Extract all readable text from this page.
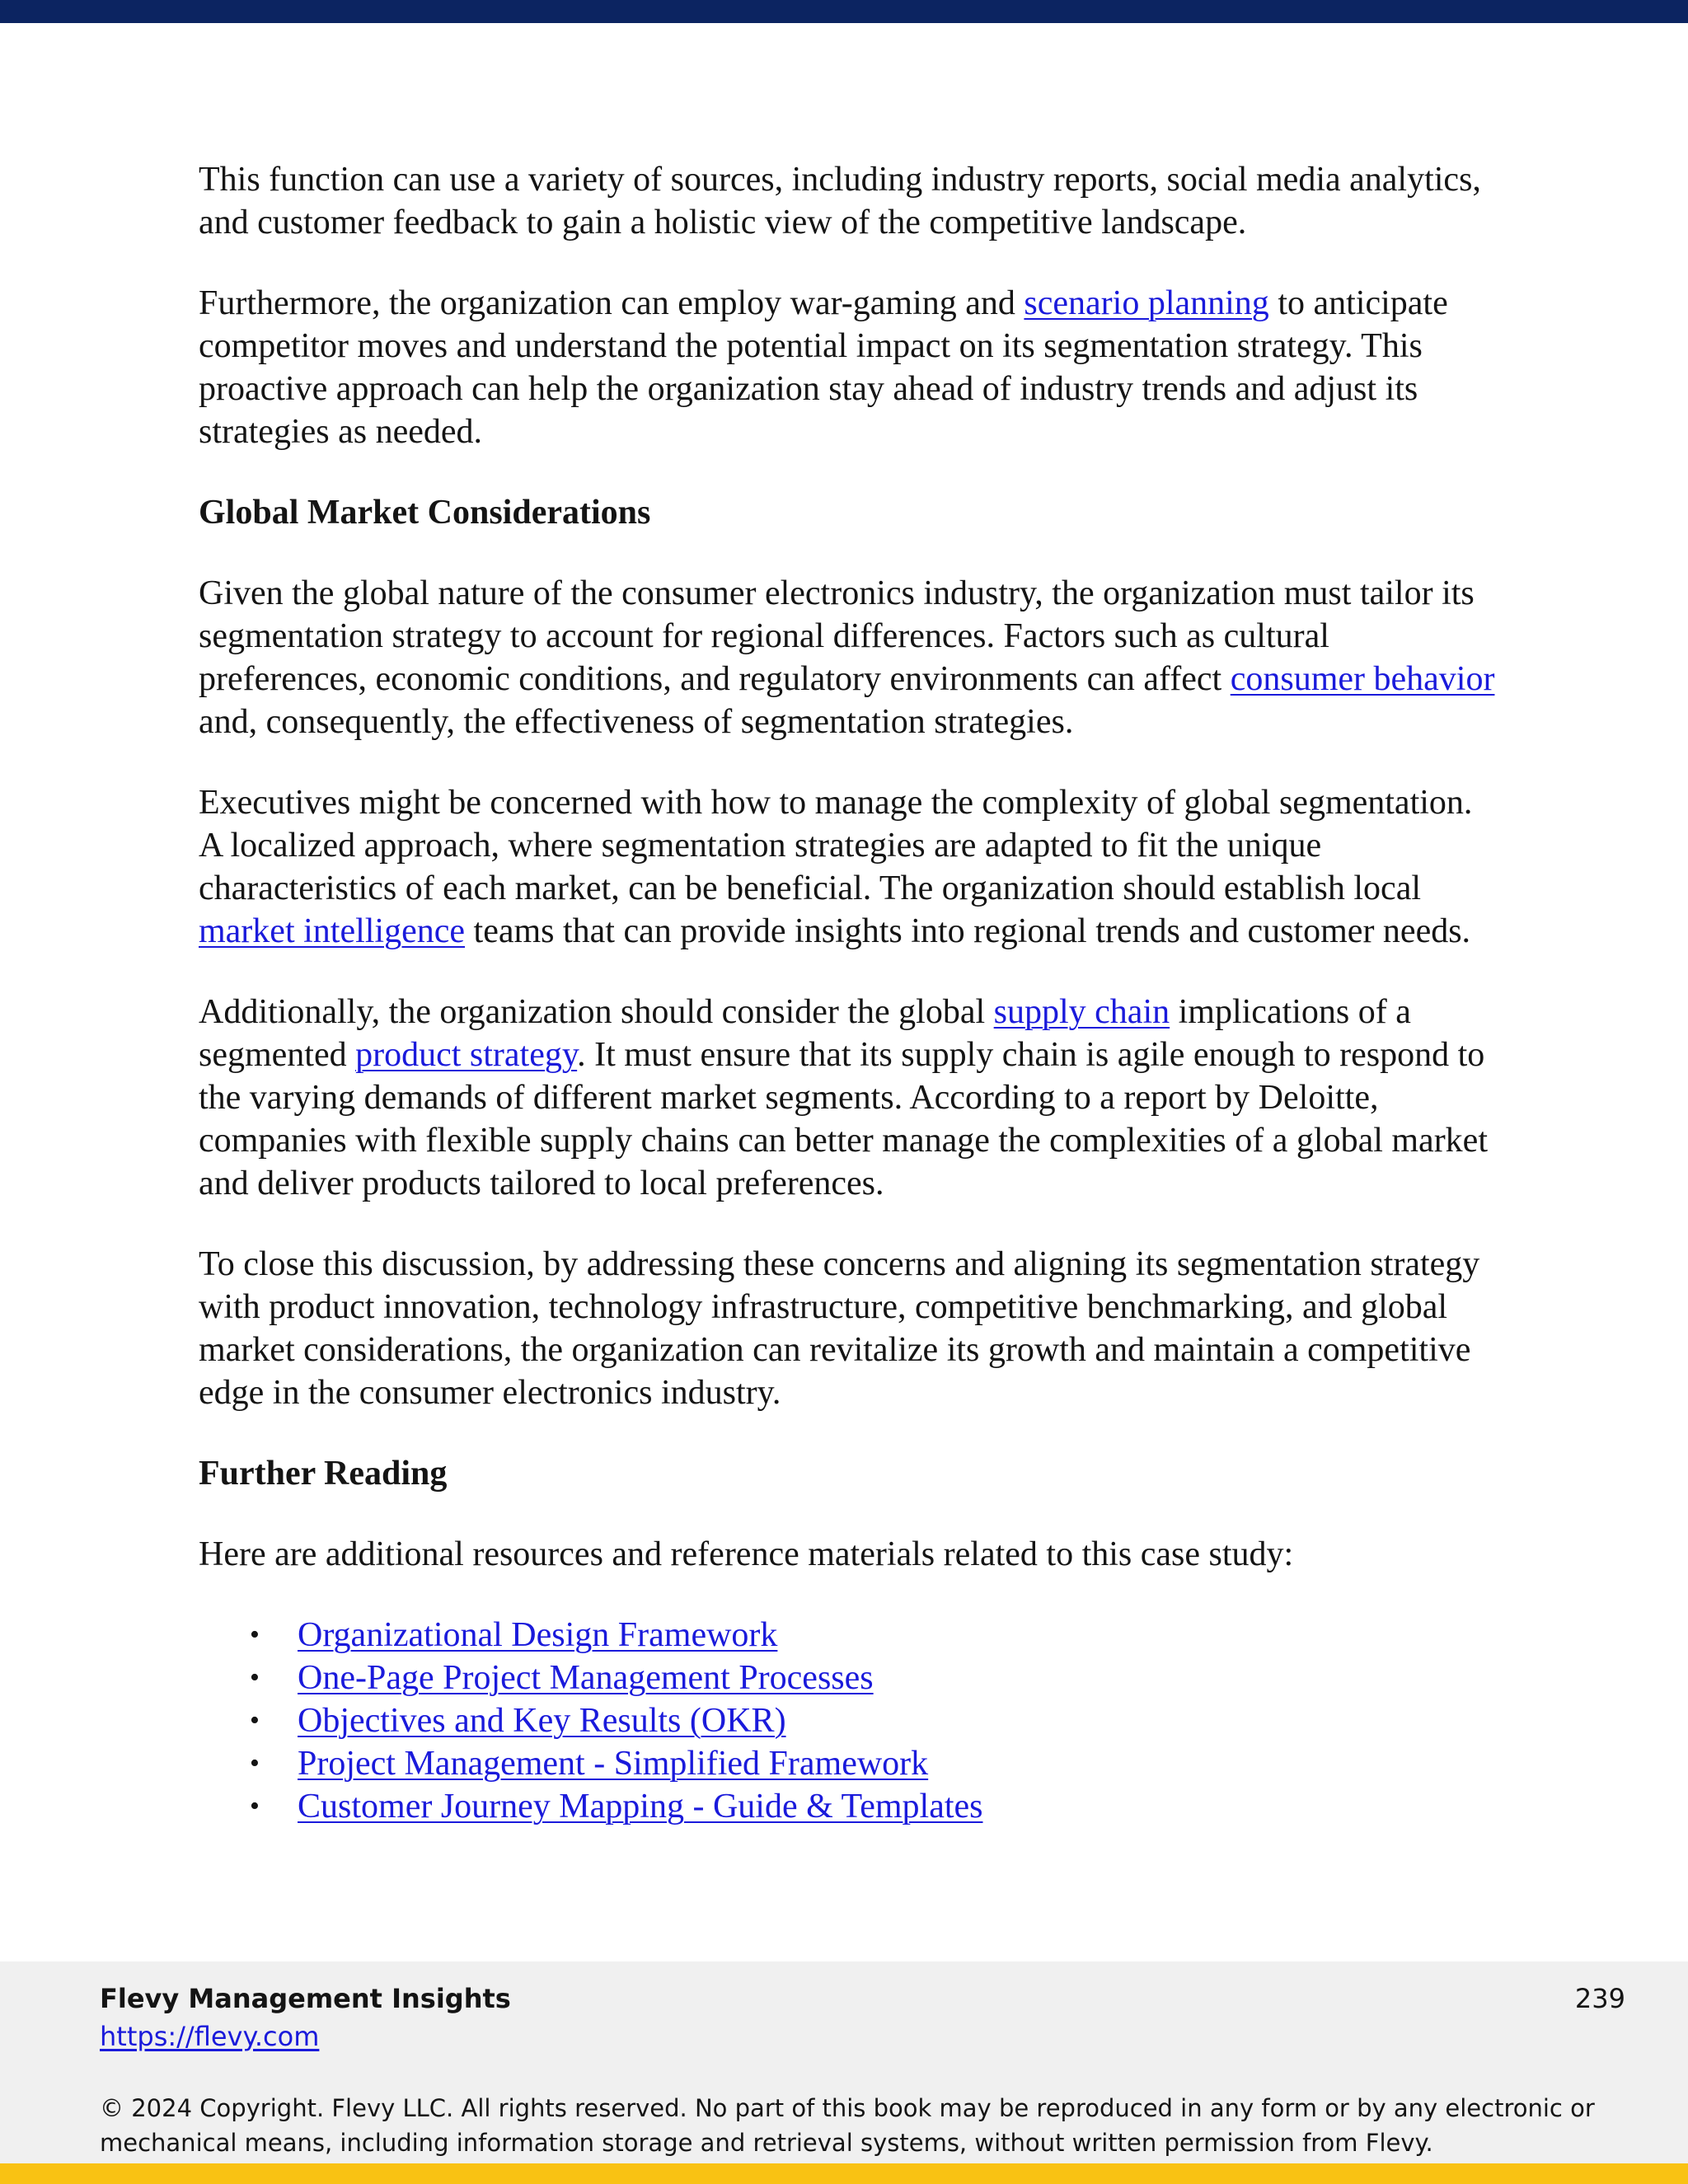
This function can use a variety of sources, including industry reports, social media analytics, and customer feedback to gain a holistic view of the competitive landscape.

Furthermore, the organization can employ war-gaming and scenario planning to anticipate competitor moves and understand the potential impact on its segmentation strategy. This proactive approach can help the organization stay ahead of industry trends and adjust its strategies as needed.

Global Market Considerations

Given the global nature of the consumer electronics industry, the organization must tailor its segmentation strategy to account for regional differences. Factors such as cultural preferences, economic conditions, and regulatory environments can affect consumer behavior and, consequently, the effectiveness of segmentation strategies.

Executives might be concerned with how to manage the complexity of global segmentation. A localized approach, where segmentation strategies are adapted to fit the unique characteristics of each market, can be beneficial. The organization should establish local market intelligence teams that can provide insights into regional trends and customer needs.

Additionally, the organization should consider the global supply chain implications of a segmented product strategy. It must ensure that its supply chain is agile enough to respond to the varying demands of different market segments. According to a report by Deloitte, companies with flexible supply chains can better manage the complexities of a global market and deliver products tailored to local preferences.

To close this discussion, by addressing these concerns and aligning its segmentation strategy with product innovation, technology infrastructure, competitive benchmarking, and global market considerations, the organization can revitalize its growth and maintain a competitive edge in the consumer electronics industry.

Further Reading

Here are additional resources and reference materials related to this case study:

• Organizational Design Framework
• One-Page Project Management Processes
• Objectives and Key Results (OKR)
• Project Management - Simplified Framework
• Customer Journey Mapping - Guide & Templates
Flevy Management Insights
https://flevy.com
239
© 2024 Copyright. Flevy LLC. All rights reserved. No part of this book may be reproduced in any form or by any electronic or mechanical means, including information storage and retrieval systems, without written permission from Flevy.
